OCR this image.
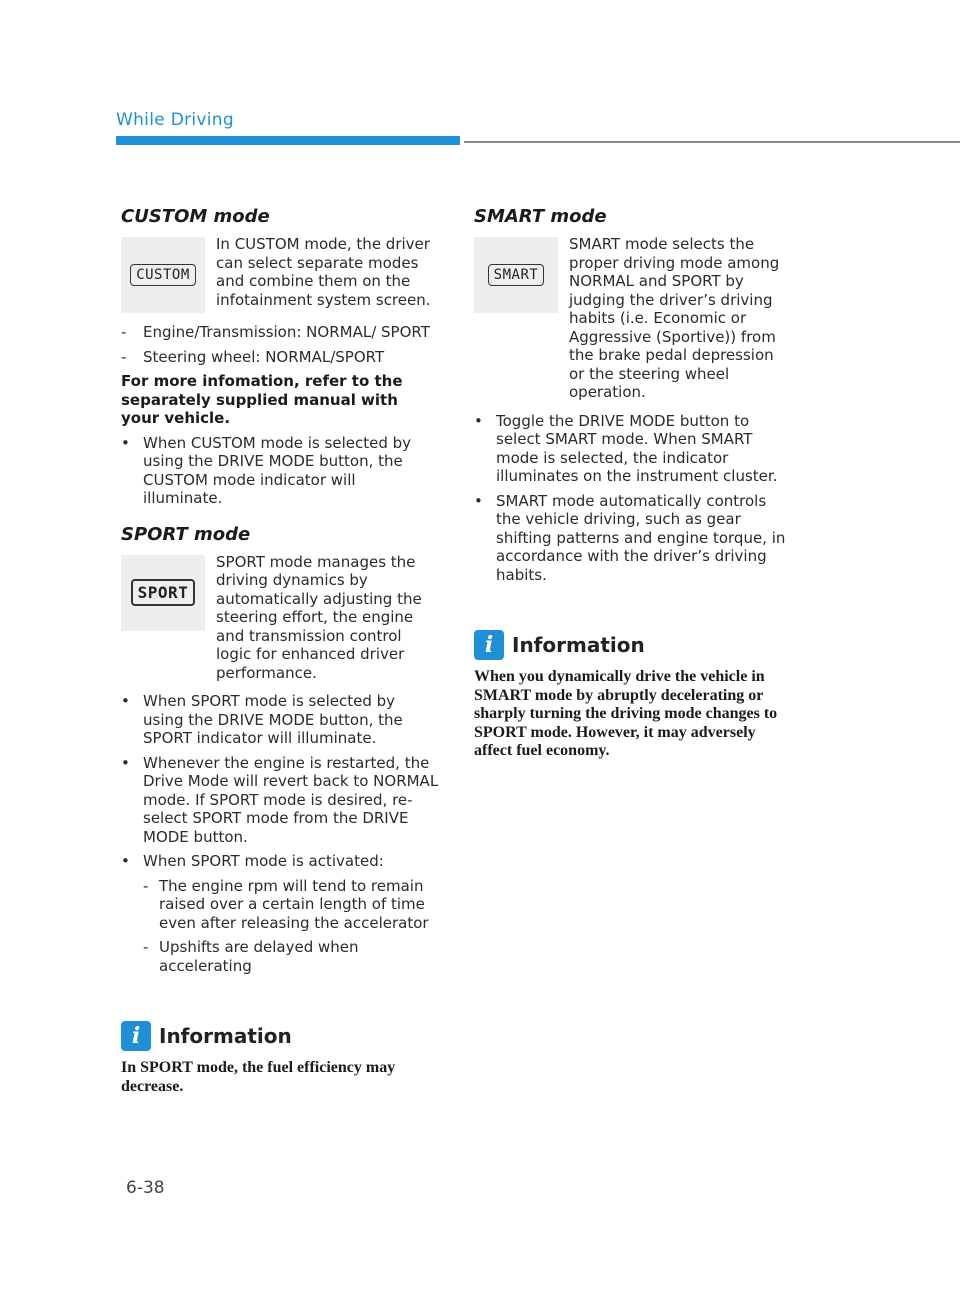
While Driving
CUSTOM mode
CUSTOM
In CUSTOM mode, the driver can select separate modes and combine them on the infotainment system screen.
- Engine/Transmission: NORMAL/ SPORT
- Steering wheel: NORMAL/SPORT
For more infomation, refer to the separately supplied manual with your vehicle.
• When CUSTOM mode is selected by using the DRIVE MODE button, the CUSTOM mode indicator will illuminate.
SPORT mode
SPORT
SPORT mode manages the driving dynamics by automatically adjusting the steering effort, the engine and transmission control logic for enhanced driver performance.
• When SPORT mode is selected by using the DRIVE MODE button, the SPORT indicator will illuminate.
• Whenever the engine is restarted, the Drive Mode will revert back to NORMAL mode. If SPORT mode is desired, re-select SPORT mode from the DRIVE MODE button.
• When SPORT mode is activated:
- The engine rpm will tend to remain raised over a certain length of time even after releasing the accelerator
- Upshifts are delayed when accelerating
i Information
In SPORT mode, the fuel efficiency may decrease.
SMART mode
SMART
SMART mode selects the proper driving mode among NORMAL and SPORT by judging the driver’s driving habits (i.e. Economic or Aggressive (Sportive)) from the brake pedal depression or the steering wheel operation.
• Toggle the DRIVE MODE button to select SMART mode. When SMART mode is selected, the indicator illuminates on the instrument cluster.
• SMART mode automatically controls the vehicle driving, such as gear shifting patterns and engine torque, in accordance with the driver’s driving habits.
i Information
When you dynamically drive the vehicle in SMART mode by abruptly decelerating or sharply turning the driving mode changes to SPORT mode. However, it may adversely affect fuel economy.
6-38
